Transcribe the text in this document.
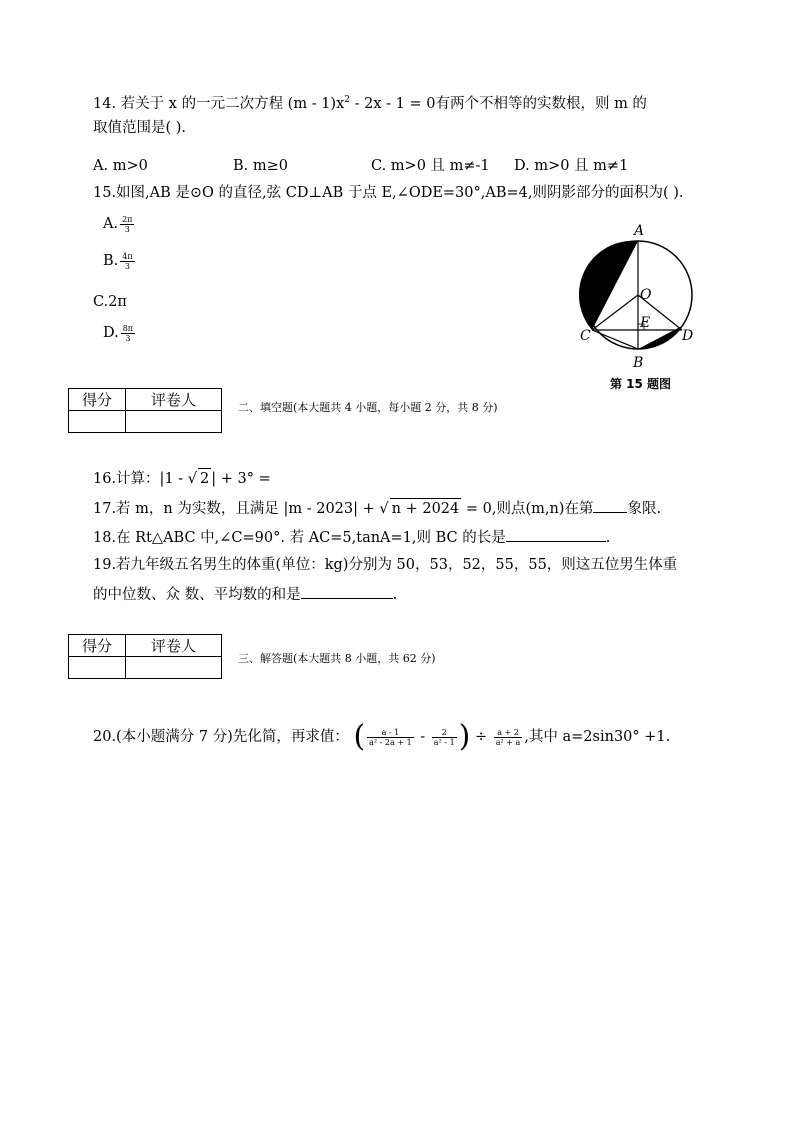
14. 若关于 x 的一元二次方程 $(m - 1)x^2 - 2x - 1 = 0$有两个不相等的实数根，则 m 的
取值范围是( ).
A. m>0	B. m≥0	C. m>0 且 m≠-1 D. m>0 且 m≠1
15.如图,AB 是⊙O 的直径,弦 CD⊥AB 于点 E,∠ODE=30°,AB=4,则阴影部分的面积为( ).
A. $\frac{2\pi}{3}$
B. $\frac{4\pi}{3}$
C.2π
D. $\frac{8\pi}{3}$
A
O
E
C	D
B
第 15 题图
得分	评卷人
		二、填空题(本大题共 4 小题，每小题 2 分，共 8 分)
16.计算：|1 - √ 2 | + 3° =
17.若 m，n 为实数，且满足 |m - 2023| + √ n + 2024 = 0,则点(m,n)在第 象限.
18.在 Rt△ABC 中,∠C=90°. 若 AC=5,tanA=1,则 BC 的长是	.
19.若九年级五名男生的体重(单位：kg)分别为 50，53，52，55，55，则这五位男生体重
的中位数、众 数、平均数的和是	.
得分	评卷人

三、解答题(本大题共 8 小题，共 62 分)
20.(本小题满分 7 分)先化简，再求值： ( $\frac{a - 1}{\text{a² - 2a + 1}} - \frac{2}{\text{a² - 1}}$ ) ÷ $\frac{a + 2}{\text{a² + a}}$ ,其中 a=2sin30° +1.
